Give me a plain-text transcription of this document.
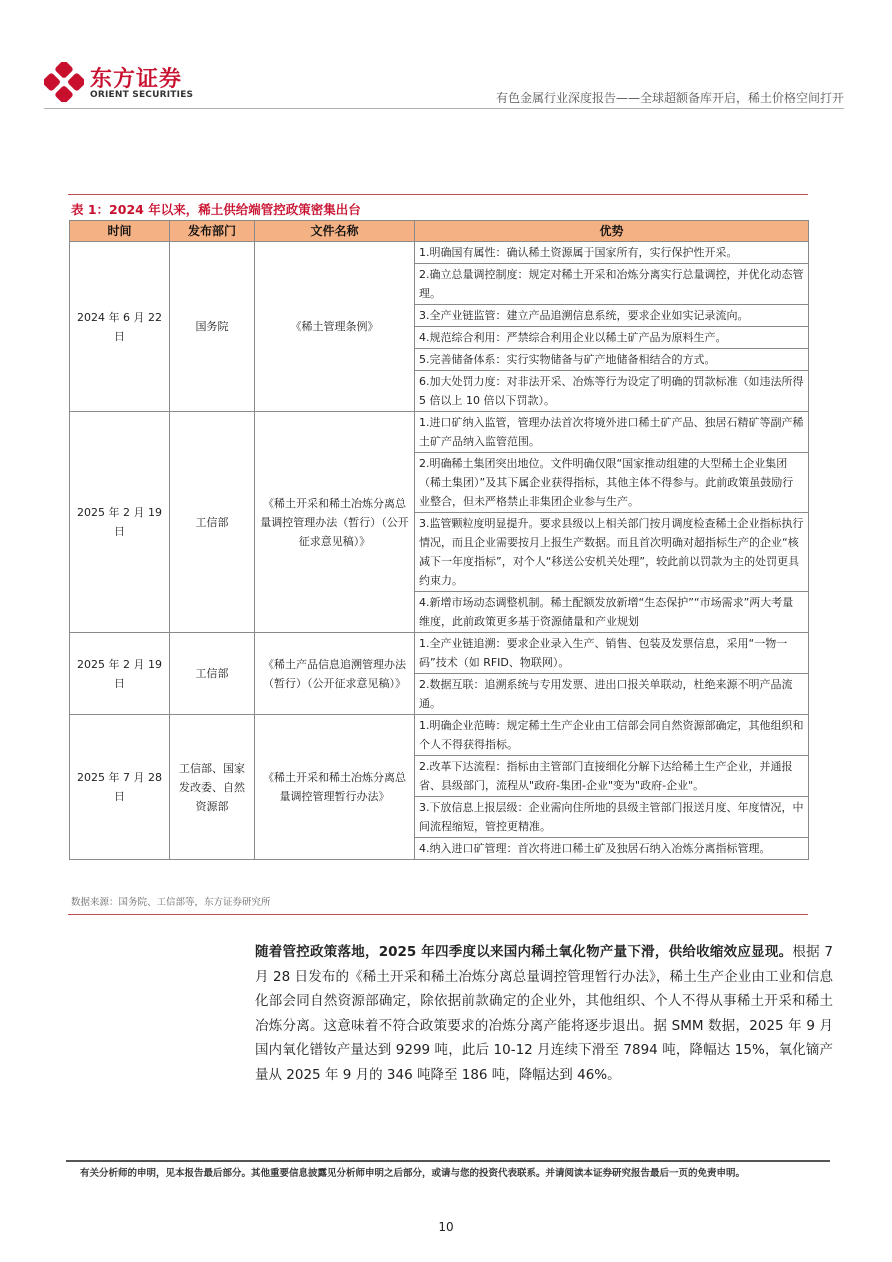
东方证券
ORIENT SECURITIES	有色金属行业深度报告——全球超额备库开启，稀土价格空间打开
表 1：2024 年以来，稀土供给端管控政策密集出台
时间	发布部门	文件名称	优势
2024 年 6 月 22 日	国务院	《稀土管理条例》	1.明确国有属性：确认稀土资源属于国家所有，实行保护性开采。
			2.确立总量调控制度：规定对稀土开采和冶炼分离实行总量调控，并优化动态管理。
			3.全产业链监管：建立产品追溯信息系统，要求企业如实记录流向。
			4.规范综合利用：严禁综合利用企业以稀土矿产品为原料生产。
			5.完善储备体系：实行实物储备与矿产地储备相结合的方式。
			6.加大处罚力度：对非法开采、冶炼等行为设定了明确的罚款标准（如违法所得 5 倍以上 10 倍以下罚款）。
2025 年 2 月 19 日	工信部	《稀土开采和稀土冶炼分离总量调控管理办法（暂行）（公开征求意见稿）》	1.进口矿纳入监管，管理办法首次将境外进口稀土矿产品、独居石精矿等副产稀土矿产品纳入监管范围。
			2.明确稀土集团突出地位。文件明确仅限“国家推动组建的大型稀土企业集团（稀土集团）”及其下属企业获得指标，其他主体不得参与。此前政策虽鼓励行业整合，但未严格禁止非集团企业参与生产。
			3.监管颗粒度明显提升。要求县级以上相关部门按月调度检查稀土企业指标执行情况，而且企业需要按月上报生产数据。而且首次明确对超指标生产的企业“核减下一年度指标”，对个人“移送公安机关处理”，较此前以罚款为主的处罚更具约束力。
			4.新增市场动态调整机制。稀土配额发放新增“生态保护”“市场需求”两大考量维度，此前政策更多基于资源储量和产业规划
2025 年 2 月 19 日	工信部	《稀土产品信息追溯管理办法（暂行）（公开征求意见稿）》	1.全产业链追溯：要求企业录入生产、销售、包装及发票信息，采用“一物一码”技术（如 RFID、物联网）。
			2.数据互联：追溯系统与专用发票、进出口报关单联动，杜绝来源不明产品流通。
2025 年 7 月 28 日	工信部、国家发改委、自然资源部	《稀土开采和稀土冶炼分离总量调控管理暂行办法》	1.明确企业范畴：规定稀土生产企业由工信部会同自然资源部确定，其他组织和个人不得获得指标。
			2.改革下达流程：指标由主管部门直接细化分解下达给稀土生产企业，并通报省、县级部门，流程从"政府-集团-企业"变为"政府-企业"。
			3.下放信息上报层级：企业需向住所地的县级主管部门报送月度、年度情况，中间流程缩短，管控更精准。
			4.纳入进口矿管理：首次将进口稀土矿及独居石纳入冶炼分离指标管理。
数据来源：国务院、工信部等，东方证券研究所
随着管控政策落地，2025 年四季度以来国内稀土氧化物产量下滑，供给收缩效应显现。根据 7 月 28 日发布的《稀土开采和稀土冶炼分离总量调控管理暂行办法》，稀土生产企业由工业和信息化部会同自然资源部确定，除依据前款确定的企业外，其他组织、个人不得从事稀土开采和稀土冶炼分离。这意味着不符合政策要求的冶炼分离产能将逐步退出。据 SMM 数据，2025 年 9 月国内氧化镨钕产量达到 9299 吨，此后 10-12 月连续下滑至 7894 吨，降幅达 15%，氧化镝产量从 2025 年 9 月的 346 吨降至 186 吨，降幅达到 46%。
有关分析师的申明，见本报告最后部分。其他重要信息披露见分析师申明之后部分，或请与您的投资代表联系。并请阅读本证券研究报告最后一页的免责申明。
10
